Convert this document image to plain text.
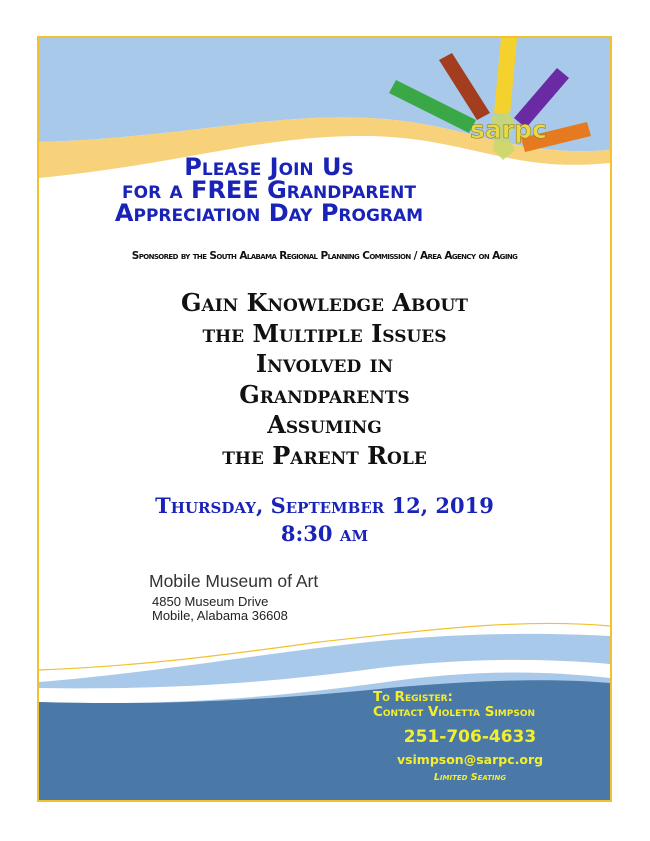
sarpc
Please Join Us
for a FREE Grandparent
Appreciation Day Program
Sponsored by the South Alabama Regional Planning Commission / Area Agency on Aging
Gain Knowledge About
the Multiple Issues
Involved in
Grandparents
Assuming
the Parent Role
Thursday, September 12, 2019
8:30 am
Mobile Museum of Art
4850 Museum Drive
Mobile, Alabama 36608
To Register:
Contact Violetta Simpson
251-706-4633
vsimpson@sarpc.org
Limited Seating
